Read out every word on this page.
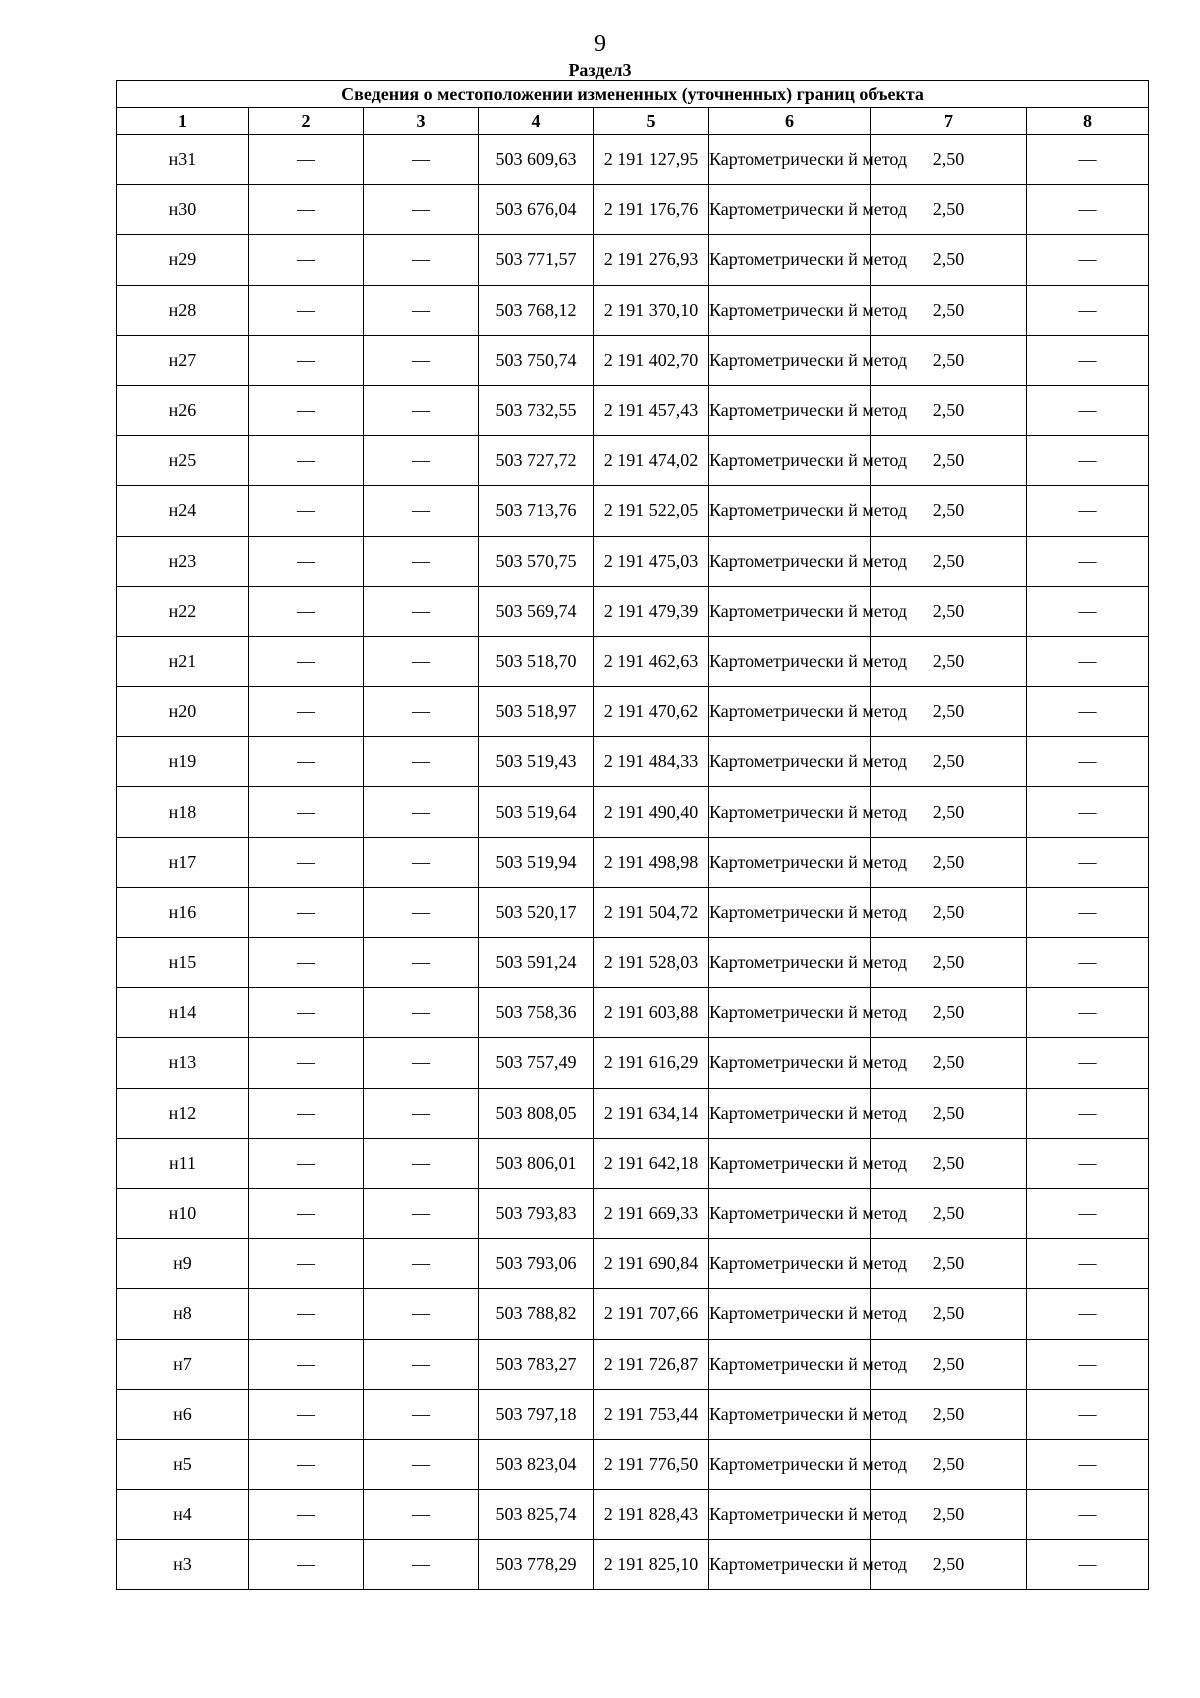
9
Раздел3
Сведения о местоположении измененных (уточненных) границ объекта							
1	2	3	4	5	6	7	8
н31	—	—	503 609,63	2 191 127,95	Картометрически й метод	2,50	—
н30	—	—	503 676,04	2 191 176,76	Картометрически й метод	2,50	—
н29	—	—	503 771,57	2 191 276,93	Картометрически й метод	2,50	—
н28	—	—	503 768,12	2 191 370,10	Картометрически й метод	2,50	—
н27	—	—	503 750,74	2 191 402,70	Картометрически й метод	2,50	—
н26	—	—	503 732,55	2 191 457,43	Картометрически й метод	2,50	—
н25	—	—	503 727,72	2 191 474,02	Картометрически й метод	2,50	—
н24	—	—	503 713,76	2 191 522,05	Картометрически й метод	2,50	—
н23	—	—	503 570,75	2 191 475,03	Картометрически й метод	2,50	—
н22	—	—	503 569,74	2 191 479,39	Картометрически й метод	2,50	—
н21	—	—	503 518,70	2 191 462,63	Картометрически й метод	2,50	—
н20	—	—	503 518,97	2 191 470,62	Картометрически й метод	2,50	—
н19	—	—	503 519,43	2 191 484,33	Картометрически й метод	2,50	—
н18	—	—	503 519,64	2 191 490,40	Картометрически й метод	2,50	—
н17	—	—	503 519,94	2 191 498,98	Картометрически й метод	2,50	—
н16	—	—	503 520,17	2 191 504,72	Картометрически й метод	2,50	—
н15	—	—	503 591,24	2 191 528,03	Картометрически й метод	2,50	—
н14	—	—	503 758,36	2 191 603,88	Картометрически й метод	2,50	—
н13	—	—	503 757,49	2 191 616,29	Картометрически й метод	2,50	—
н12	—	—	503 808,05	2 191 634,14	Картометрически й метод	2,50	—
н11	—	—	503 806,01	2 191 642,18	Картометрически й метод	2,50	—
н10	—	—	503 793,83	2 191 669,33	Картометрически й метод	2,50	—
н9	—	—	503 793,06	2 191 690,84	Картометрически й метод	2,50	—
н8	—	—	503 788,82	2 191 707,66	Картометрически й метод	2,50	—
н7	—	—	503 783,27	2 191 726,87	Картометрически й метод	2,50	—
н6	—	—	503 797,18	2 191 753,44	Картометрически й метод	2,50	—
н5	—	—	503 823,04	2 191 776,50	Картометрически й метод	2,50	—
н4	—	—	503 825,74	2 191 828,43	Картометрически й метод	2,50	—
н3	—	—	503 778,29	2 191 825,10	Картометрически й метод	2,50	—
